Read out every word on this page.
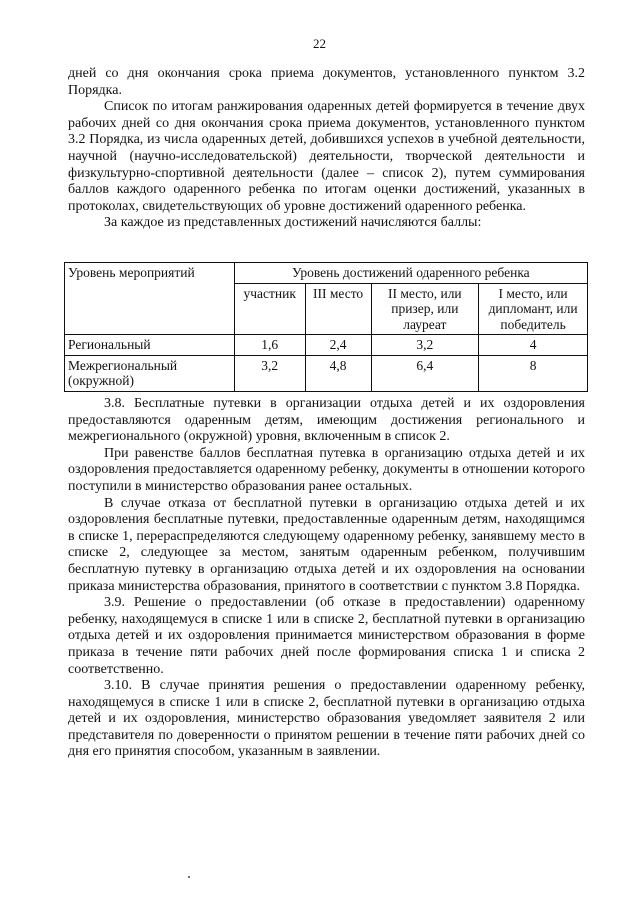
22

дней со дня окончания срока приема документов, установленного пунктом 3.2 Порядка.

Список по итогам ранжирования одаренных детей формируется в течение двух рабочих дней со дня окончания срока приема документов, установленного пунктом 3.2 Порядка, из числа одаренных детей, добившихся успехов в учебной деятельности, научной (научно-исследовательской) деятельности, творческой деятельности и физкультурно-спортивной деятельности (далее – список 2), путем суммирования баллов каждого одаренного ребенка по итогам оценки достижений, указанных в протоколах, свидетельствующих об уровне достижений одаренного ребенка.

За каждое из представленных достижений начисляются баллы:

Уровень мероприятий	Уровень достижений одаренного ребенка			
	участник	III место	II место, или призер, или лауреат	I место, или дипломант, или победитель
Региональный	1,6	2,4	3,2	4
Межрегиональный (окружной)	3,2	4,8	6,4	8

3.8. Бесплатные путевки в организации отдыха детей и их оздоровления предоставляются одаренным детям, имеющим достижения регионального и межрегионального (окружной) уровня, включенным в список 2.

При равенстве баллов бесплатная путевка в организацию отдыха детей и их оздоровления предоставляется одаренному ребенку, документы в отношении которого поступили в министерство образования ранее остальных.

В случае отказа от бесплатной путевки в организацию отдыха детей и их оздоровления бесплатные путевки, предоставленные одаренным детям, находящимся в списке 1, перераспределяются следующему одаренному ребенку, занявшему место в списке 2, следующее за местом, занятым одаренным ребенком, получившим бесплатную путевку в организацию отдыха детей и их оздоровления на основании приказа министерства образования, принятого в соответствии с пунктом 3.8 Порядка.

3.9. Решение о предоставлении (об отказе в предоставлении) одаренному ребенку, находящемуся в списке 1 или в списке 2, бесплатной путевки в организацию отдыха детей и их оздоровления принимается министерством образования в форме приказа в течение пяти рабочих дней после формирования списка 1 и списка 2 соответственно.

3.10. В случае принятия решения о предоставлении одаренному ребенку, находящемуся в списке 1 или в списке 2, бесплатной путевки в организацию отдыха детей и их оздоровления, министерство образования уведомляет заявителя 2 или представителя по доверенности о принятом решении в течение пяти рабочих дней со дня его принятия способом, указанным в заявлении.
